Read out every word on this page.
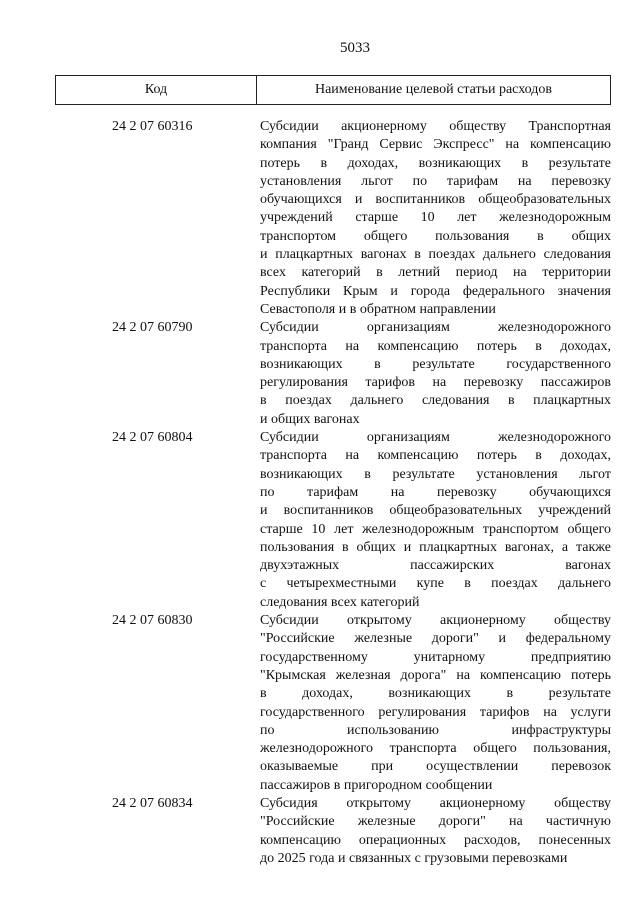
5033
Код	Наименование целевой статьи расходов
24 2 07 60316	Субсидии акционерному обществу Транспортная
компания "Гранд Сервис Экспресс" на компенсацию
потерь в доходах, возникающих в результате
установления льгот по тарифам на перевозку
обучающихся и воспитанников общеобразовательных
учреждений старше 10 лет железнодорожным
транспортом общего пользования в общих
и плацкартных вагонах в поездах дальнего следования
всех категорий в летний период на территории
Республики Крым и города федерального значения
Севастополя и в обратном направлении
24 2 07 60790	Субсидии организациям железнодорожного
транспорта на компенсацию потерь в доходах,
возникающих в результате государственного
регулирования тарифов на перевозку пассажиров
в поездах дальнего следования в плацкартных
и общих вагонах
24 2 07 60804	Субсидии организациям железнодорожного
транспорта на компенсацию потерь в доходах,
возникающих в результате установления льгот
по тарифам на перевозку обучающихся
и воспитанников общеобразовательных учреждений
старше 10 лет железнодорожным транспортом общего
пользования в общих и плацкартных вагонах, а также
двухэтажных пассажирских вагонах
с четырехместными купе в поездах дальнего
следования всех категорий
24 2 07 60830	Субсидии открытому акционерному обществу
"Российские железные дороги" и федеральному
государственному унитарному предприятию
"Крымская железная дорога" на компенсацию потерь
в доходах, возникающих в результате
государственного регулирования тарифов на услуги
по использованию инфраструктуры
железнодорожного транспорта общего пользования,
оказываемые при осуществлении перевозок
пассажиров в пригородном сообщении
24 2 07 60834	Субсидия открытому акционерному обществу
"Российские железные дороги" на частичную
компенсацию операционных расходов, понесенных
до 2025 года и связанных с грузовыми перевозками
